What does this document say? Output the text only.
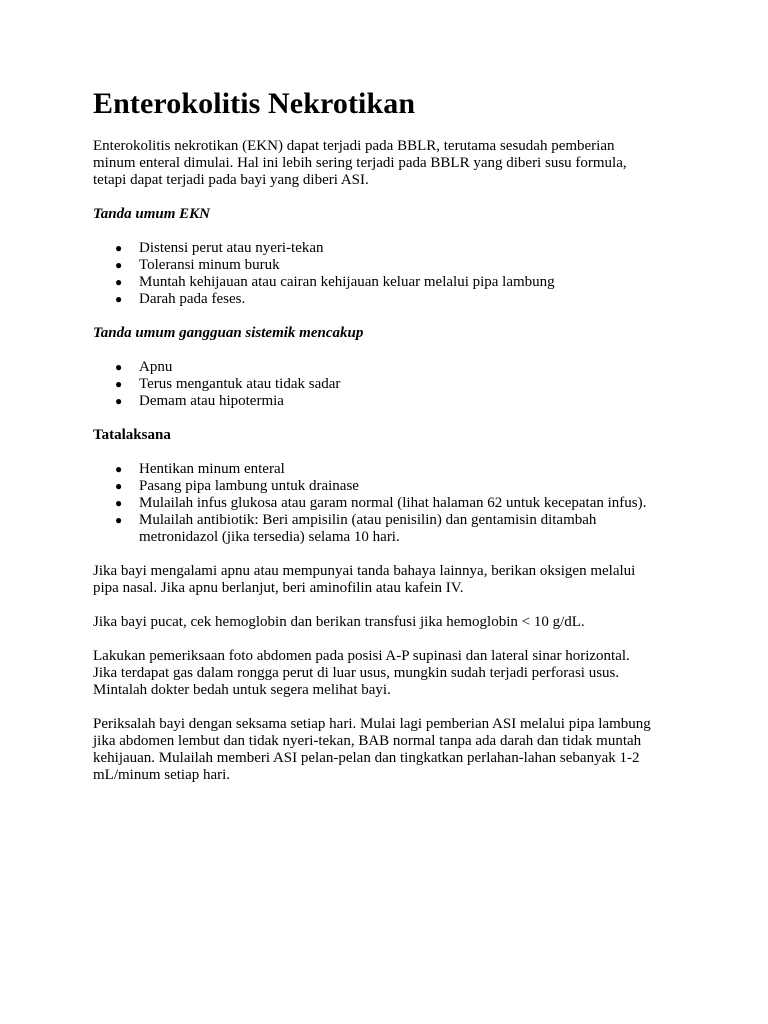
Enterokolitis Nekrotikan

Enterokolitis nekrotikan (EKN) dapat terjadi pada BBLR, terutama sesudah pemberian

minum enteral dimulai. Hal ini lebih sering terjadi pada BBLR yang diberi susu formula,

tetapi dapat terjadi pada bayi yang diberi ASI.

Tanda umum EKN

● Distensi perut atau nyeri-tekan
● Toleransi minum buruk
● Muntah kehijauan atau cairan kehijauan keluar melalui pipa lambung
● Darah pada feses.

Tanda umum gangguan sistemik mencakup

● Apnu
● Terus mengantuk atau tidak sadar
● Demam atau hipotermia

Tatalaksana

● Hentikan minum enteral
● Pasang pipa lambung untuk drainase
● Mulailah infus glukosa atau garam normal (lihat halaman 62 untuk kecepatan infus).
● Mulailah antibiotik: Beri ampisilin (atau penisilin) dan gentamisin ditambah
metronidazol (jika tersedia) selama 10 hari.

Jika bayi mengalami apnu atau mempunyai tanda bahaya lainnya, berikan oksigen melalui

pipa nasal. Jika apnu berlanjut, beri aminofilin atau kafein IV.

Jika bayi pucat, cek hemoglobin dan berikan transfusi jika hemoglobin < 10 g/dL.

Lakukan pemeriksaan foto abdomen pada posisi A-P supinasi dan lateral sinar horizontal.

Jika terdapat gas dalam rongga perut di luar usus, mungkin sudah terjadi perforasi usus.

Mintalah dokter bedah untuk segera melihat bayi.

Periksalah bayi dengan seksama setiap hari. Mulai lagi pemberian ASI melalui pipa lambung

jika abdomen lembut dan tidak nyeri-tekan, BAB normal tanpa ada darah dan tidak muntah

kehijauan. Mulailah memberi ASI pelan-pelan dan tingkatkan perlahan-lahan sebanyak 1-2

mL/minum setiap hari.
